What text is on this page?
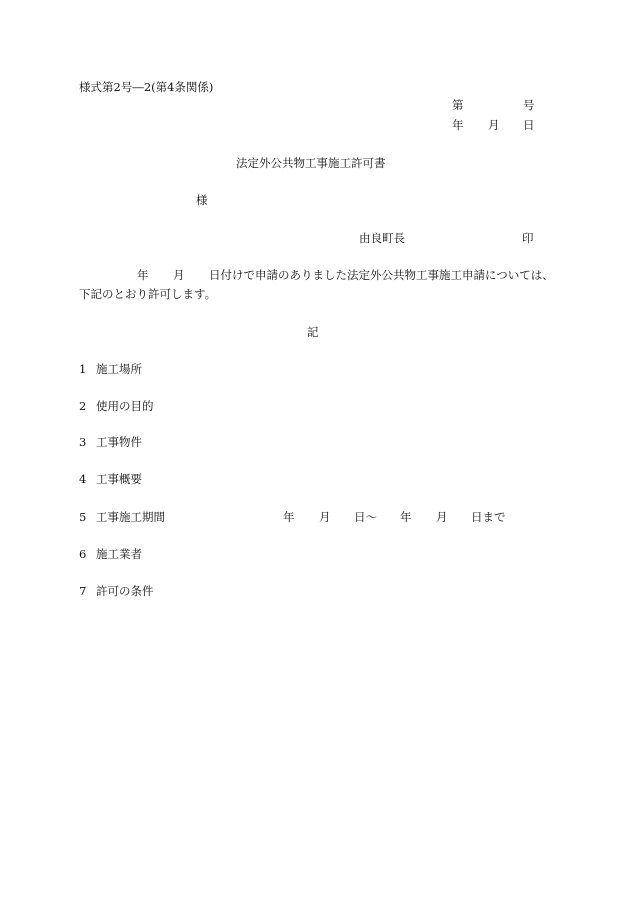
様式第2号―2(第4条関係)
第	号
年 月 日
法定外公共物工事施工許可書
様
由良町長	印
年 月 日付けで申請のありました法定外公共物工事施工申請については、
下記のとおり許可します。
記
1 施工場所
2 使用の目的
3 工事物件
4 工事概要
5 工事施工期間	年 月 日～ 年 月 日まで
6 施工業者
7 許可の条件
